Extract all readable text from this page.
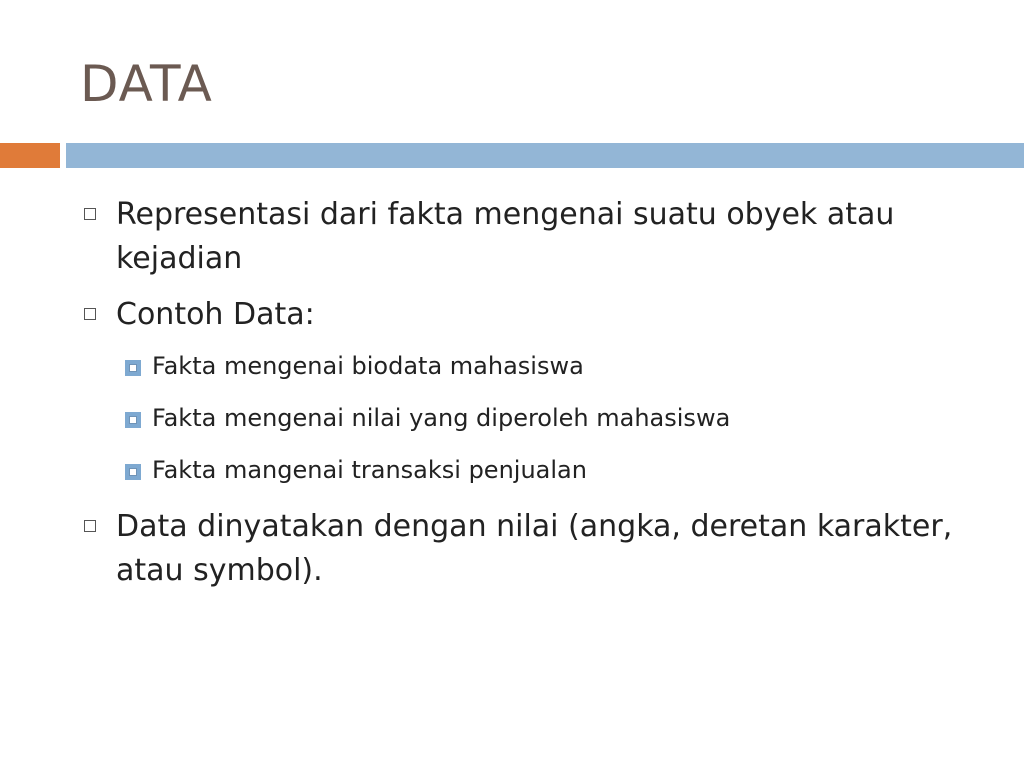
DATA
Representasi dari fakta mengenai suatu obyek atau kejadian
Contoh Data:
Fakta mengenai biodata mahasiswa
Fakta mengenai nilai yang diperoleh mahasiswa
Fakta mangenai transaksi penjualan
Data dinyatakan dengan nilai (angka, deretan karakter, atau symbol).
